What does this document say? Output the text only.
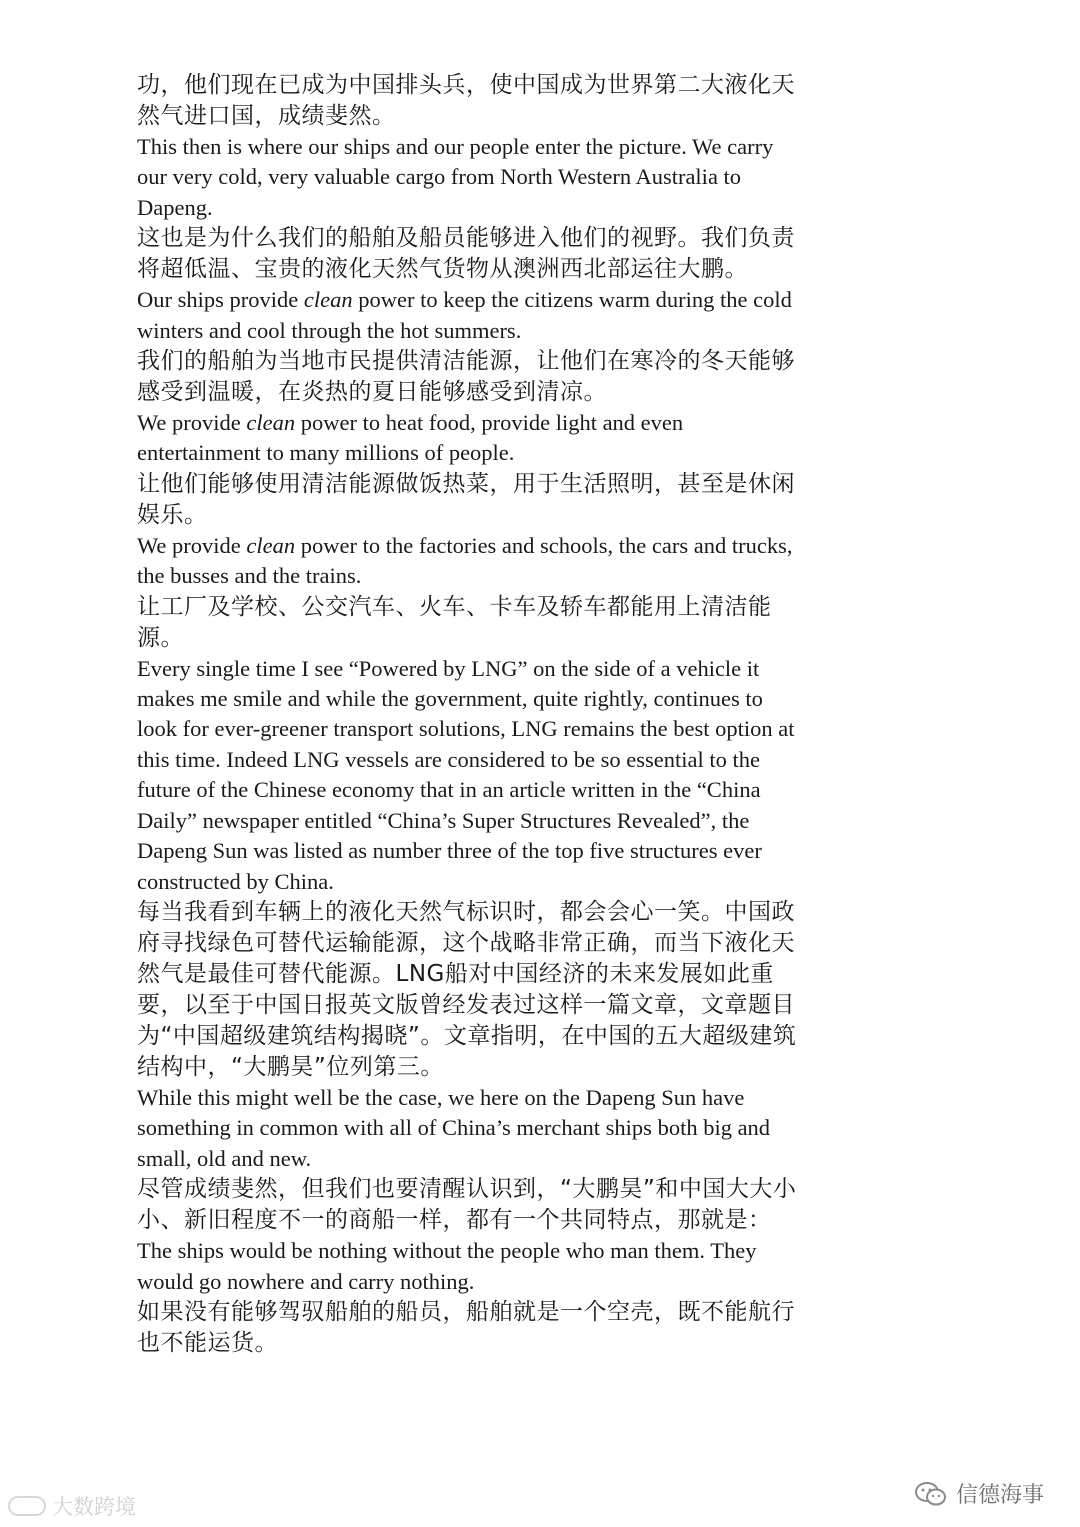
功，他们现在已成为中国排头兵，使中国成为世界第二大液化天然气进口国，成绩斐然。

This then is where our ships and our people enter the picture. We carry our very cold, very valuable cargo from North Western Australia to Dapeng.

这也是为什么我们的船舶及船员能够进入他们的视野。我们负责将超低温、宝贵的液化天然气货物从澳洲西北部运往大鹏。

Our ships provide clean power to keep the citizens warm during the cold winters and cool through the hot summers.

我们的船舶为当地市民提供清洁能源，让他们在寒冷的冬天能够感受到温暖，在炎热的夏日能够感受到清凉。

We provide clean power to heat food, provide light and even entertainment to many millions of people.

让他们能够使用清洁能源做饭热菜，用于生活照明，甚至是休闲娱乐。

We provide clean power to the factories and schools, the cars and trucks, the busses and the trains.

让工厂及学校、公交汽车、火车、卡车及轿车都能用上清洁能源。

Every single time I see “Powered by LNG” on the side of a vehicle it makes me smile and while the government, quite rightly, continues to look for ever-greener transport solutions, LNG remains the best option at this time. Indeed LNG vessels are considered to be so essential to the future of the Chinese economy that in an article written in the “China Daily” newspaper entitled “China’s Super Structures Revealed”, the Dapeng Sun was listed as number three of the top five structures ever constructed by China.

每当我看到车辆上的液化天然气标识时，都会会心一笑。中国政府寻找绿色可替代运输能源，这个战略非常正确，而当下液化天然气是最佳可替代能源。LNG船对中国经济的未来发展如此重要，以至于中国日报英文版曾经发表过这样一篇文章，文章题目为“中国超级建筑结构揭晓”。文章指明，在中国的五大超级建筑结构中，“大鹏昊”位列第三。

While this might well be the case, we here on the Dapeng Sun have something in common with all of China’s merchant ships both big and small, old and new.

尽管成绩斐然，但我们也要清醒认识到，“大鹏昊”和中国大大小小、新旧程度不一的商船一样，都有一个共同特点，那就是：

The ships would be nothing without the people who man them. They would go nowhere and carry nothing.

如果没有能够驾驭船舶的船员，船舶就是一个空壳，既不能航行也不能运货。

信德海事
大数跨境
